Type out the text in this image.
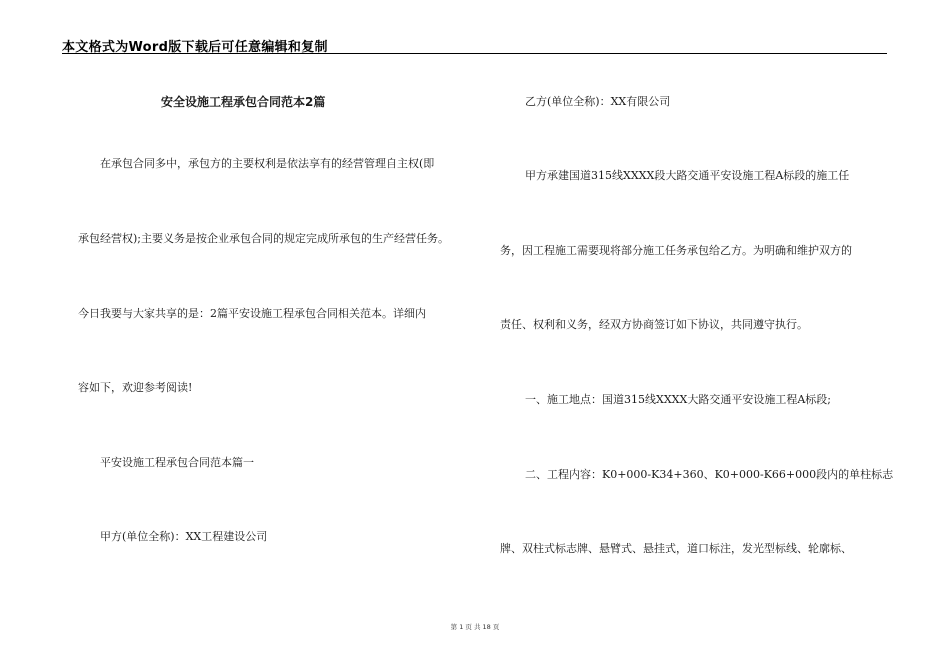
本文格式为Word版下载后可任意编辑和复制
安全设施工程承包合同范本2篇
在承包合同多中，承包方的主要权利是依法享有的经营管理自主权(即
承包经营权);主要义务是按企业承包合同的规定完成所承包的生产经营任务。
今日我要与大家共享的是：2篇平安设施工程承包合同相关范本。详细内
容如下，欢迎参考阅读!
平安设施工程承包合同范本篇一
甲方(单位全称)：XX工程建设公司
乙方(单位全称)：XX有限公司
甲方承建国道315线XXXX段大路交通平安设施工程A标段的施工任
务，因工程施工需要现将部分施工任务承包给乙方。为明确和维护双方的
责任、权利和义务，经双方协商签订如下协议，共同遵守执行。
一、施工地点：国道315线XXXX大路交通平安设施工程A标段;
二、工程内容：K0+000-K34+360、K0+000-K66+000段内的单柱标志
牌、双柱式标志牌、悬臂式、悬挂式，道口标注，发光型标线、轮廓标、
第 1 页 共 18 页
